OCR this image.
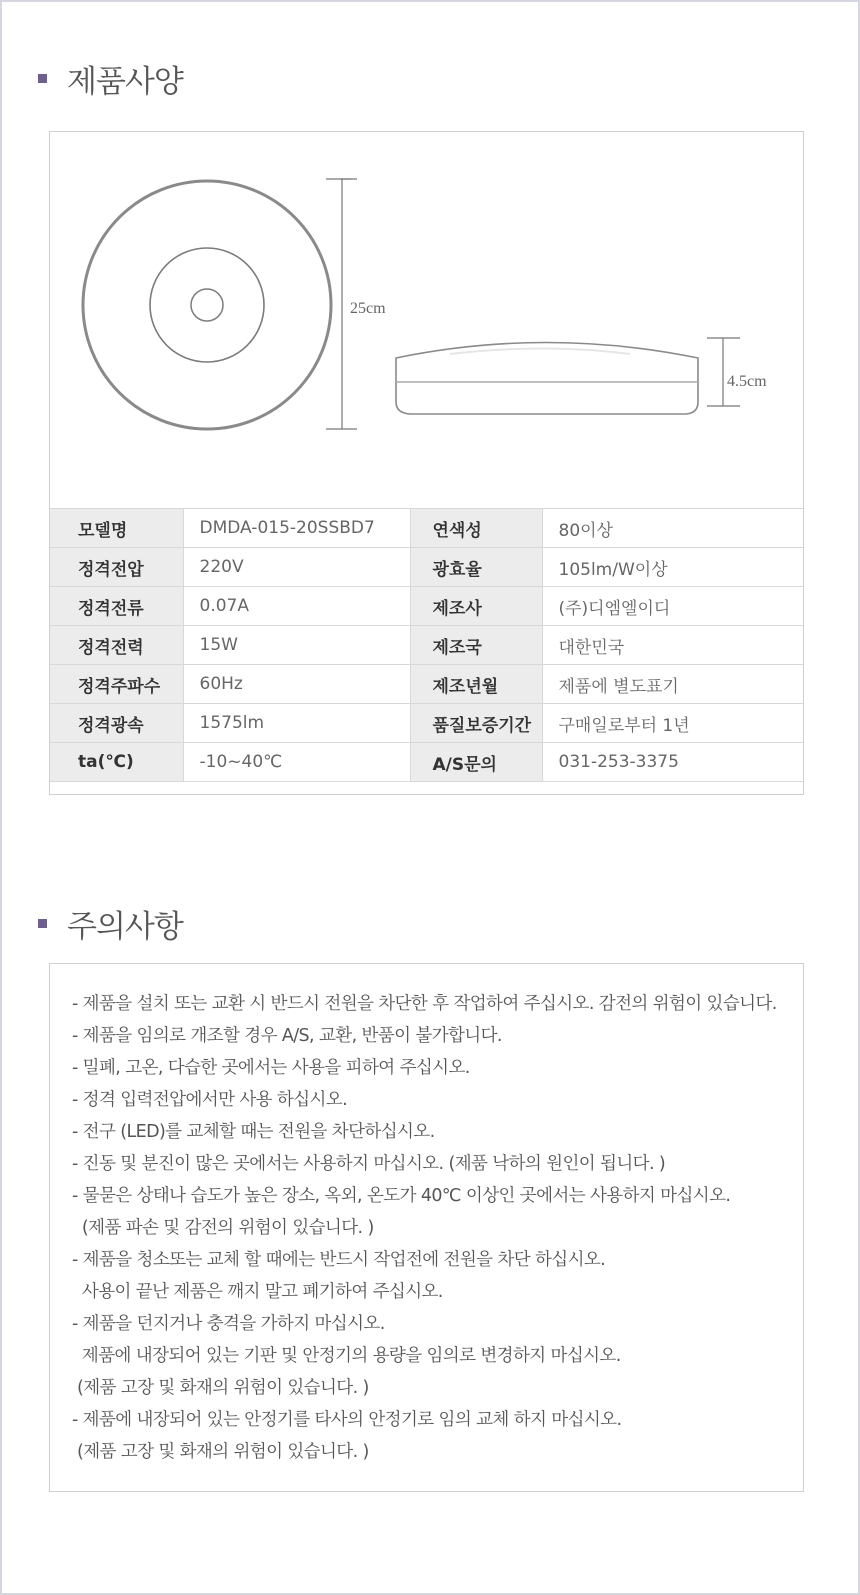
제품사양
25cm
4.5cm
모델명	DMDA-015-20SSBD7	연색성	80이상
정격전압	220V	광효율	105lm/W이상
정격전류	0.07A	제조사	(주)디엠엘이디
정격전력	15W	제조국	대한민국
정격주파수	60Hz	제조년월	제품에 별도표기
정격광속	1575lm	품질보증기간	구매일로부터 1년
ta(℃)	-10~40℃	A/S문의	031-253-3375
주의사항
- 제품을 설치 또는 교환 시 반드시 전원을 차단한 후 작업하여 주십시오. 감전의 위험이 있습니다.
- 제품을 임의로 개조할 경우 A/S, 교환, 반품이 불가합니다.
- 밀폐, 고온, 다습한 곳에서는 사용을 피하여 주십시오.
- 정격 입력전압에서만 사용 하십시오.
- 전구 (LED)를 교체할 때는 전원을 차단하십시오.
- 진동 및 분진이 많은 곳에서는 사용하지 마십시오. (제품 낙하의 원인이 됩니다. )
- 물묻은 상태나 습도가 높은 장소, 옥외, 온도가 40℃ 이상인 곳에서는 사용하지 마십시오.
(제품 파손 및 감전의 위험이 있습니다. )
- 제품을 청소또는 교체 할 때에는 반드시 작업전에 전원을 차단 하십시오.
사용이 끝난 제품은 깨지 말고 폐기하여 주십시오.
- 제품을 던지거나 충격을 가하지 마십시오.
제품에 내장되어 있는 기판 및 안정기의 용량을 임의로 변경하지 마십시오.
(제품 고장 및 화재의 위험이 있습니다. )
- 제품에 내장되어 있는 안정기를 타사의 안정기로 임의 교체 하지 마십시오.
(제품 고장 및 화재의 위험이 있습니다. )
